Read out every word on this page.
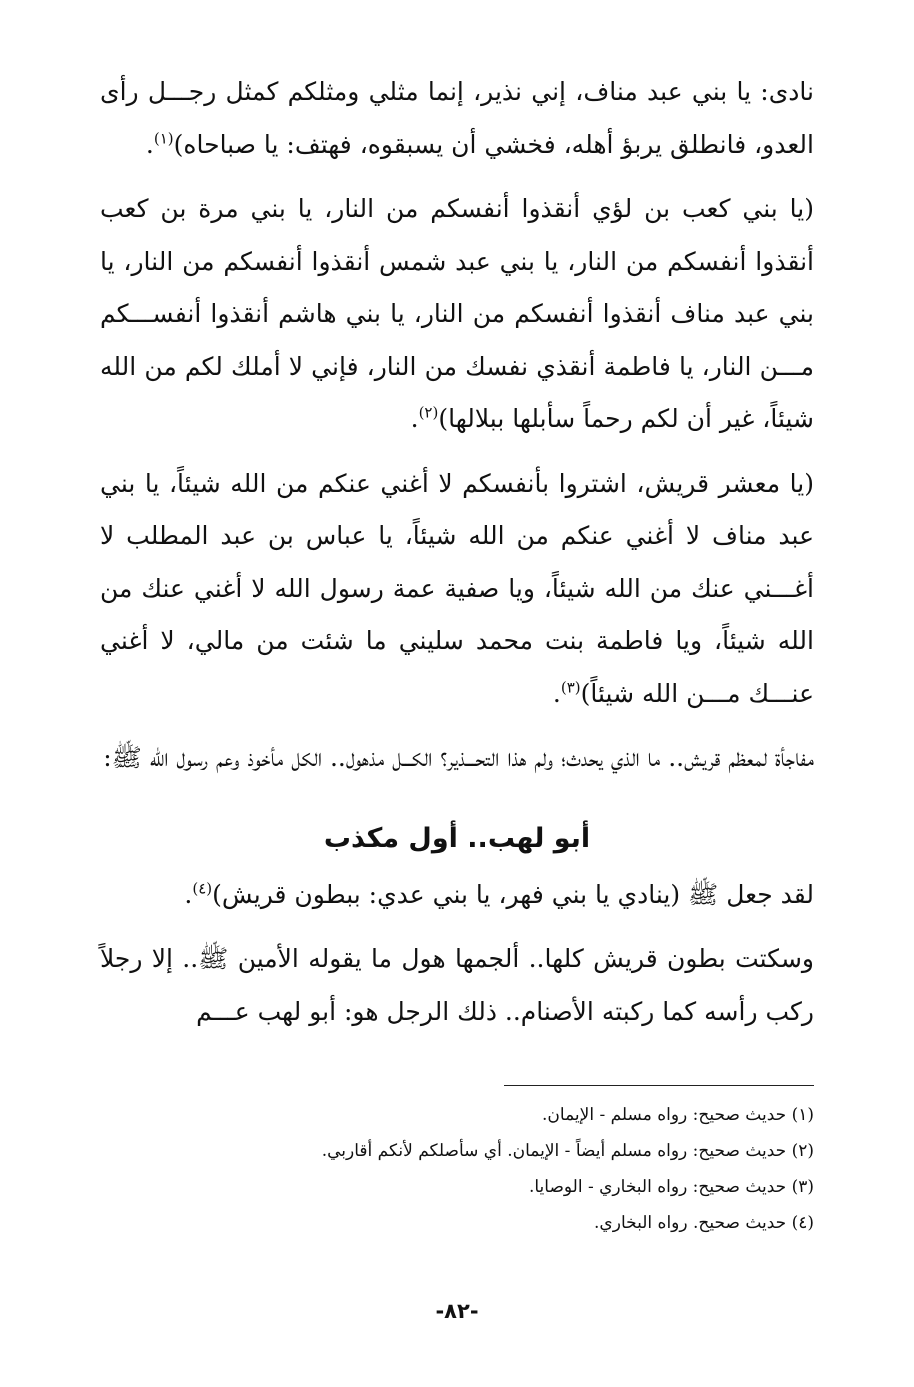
نادى: يا بني عبد مناف، إني نذير، إنما مثلي ومثلكم كمثل رجـــل رأى العدو، فانطلق يربؤ أهله، فخشي أن يسبقوه، فهتف: يا صباحاه)$^{(١)}$.

(يا بني كعب بن لؤي أنقذوا أنفسكم من النار، يا بني مرة بن كعب أنقذوا أنفسكم من النار، يا بني عبد شمس أنقذوا أنفسكم من النار، يا بني عبد مناف أنقذوا أنفسكم من النار، يا بني هاشم أنقذوا أنفســـكم مـــن النار، يا فاطمة أنقذي نفسك من النار، فإني لا أملك لكم من الله شيئاً، غير أن لكم رحماً سأبلها ببلالها)$^{(٢)}$.

(يا معشر قريش، اشتروا بأنفسكم لا أغني عنكم من الله شيئاً، يا بني عبد مناف لا أغني عنكم من الله شيئاً، يا عباس بن عبد المطلب لا أغـــني عنك من الله شيئاً، ويا صفية عمة رسول الله لا أغني عنك من الله شيئاً، ويا فاطمة بنت محمد سليني ما شئت من مالي، لا أغني عنـــك مـــن الله شيئاً)$^{(٣)}$.

مفاجأة لمعظم قريش.. ما الذي يحدث؛ ولم هذا التحـــذير؟ الكـــل مذهول.. الكل مأخوذ وعم رسول الله ﷺ:

أبو لهب.. أول مكذب

لقد جعل ﷺ (ينادي يا بني فهر، يا بني عدي: ببطون قريش)$^{(٤)}$.

وسكتت بطون قريش كلها.. ألجمها هول ما يقوله الأمين ﷺ.. إلا رجلاً ركب رأسه كما ركبته الأصنام.. ذلك الرجل هو: أبو لهب عـــم

(١) حديث صحيح: رواه مسلم - الإيمان.
(٢) حديث صحيح: رواه مسلم أيضاً - الإيمان. أي سأصلكم لأنكم أقاربي.
(٣) حديث صحيح: رواه البخاري - الوصايا.
(٤) حديث صحيح. رواه البخاري.
-٨٢-
